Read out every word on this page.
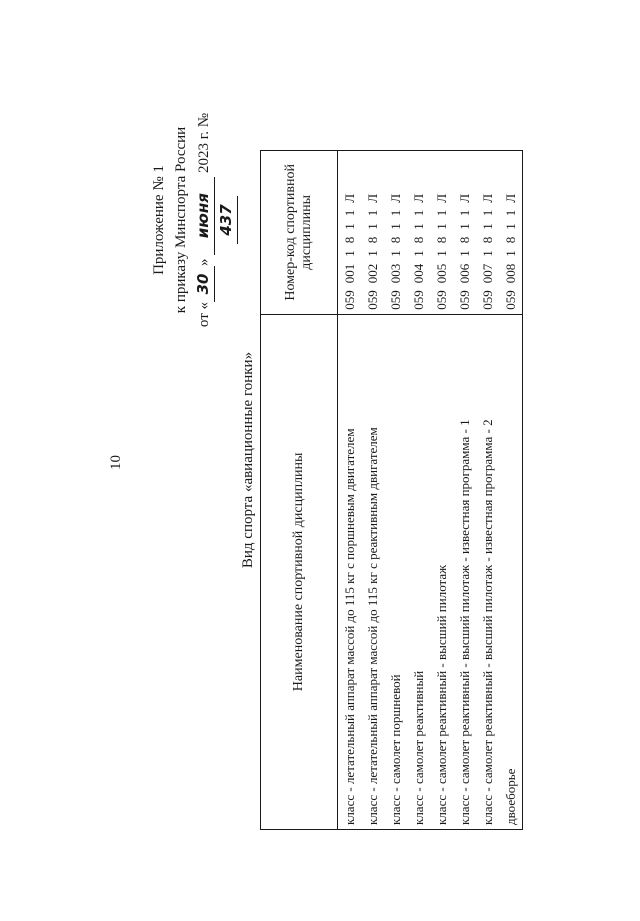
10
Приложение № 1 к приказу Минспорта России
от «30» июня 2023 г. № 437
Вид спорта «авиационные гонки»	Наименование спортивной дисциплины	Номер-код спортивной дисциплины
класс - летательный аппарат массой до 115 кг с поршневым двигателем	0590011811Л
класс - летательный аппарат массой до 115 кг с реактивным двигателем	0590021811Л
класс - самолет поршневой	0590031811Л
класс - самолет реактивный	0590041811Л
класс - самолет реактивный - высший пилотаж	0590051811Л
класс - самолет реактивный - высший пилотаж - известная программа - 1	0590061811Л
класс - самолет реактивный - высший пилотаж - известная программа - 2	0590071811Л
двоеборье	0590081811Л
